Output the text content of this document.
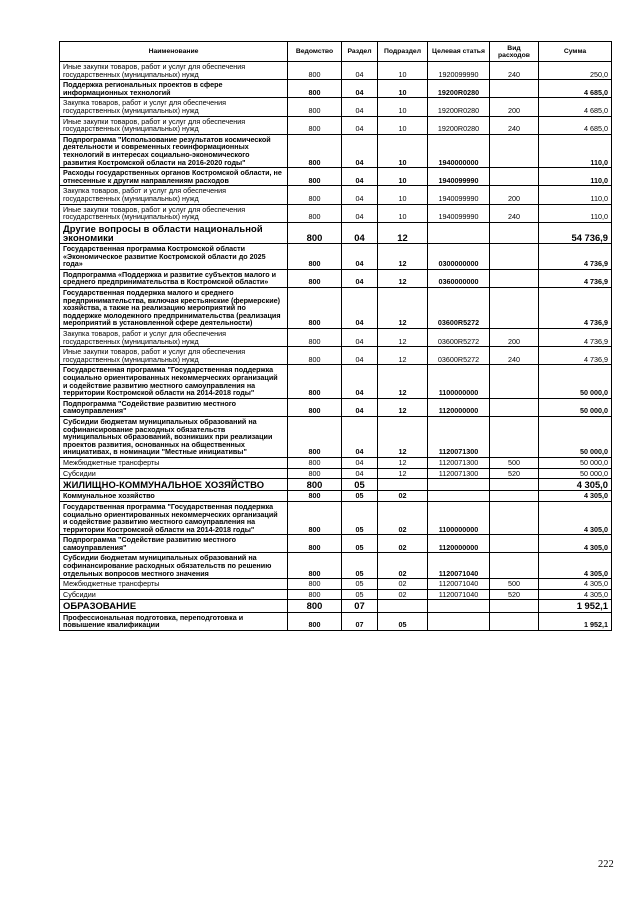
Наименование	Ведомство	Раздел	Подраздел	Целевая статья	Вид расходов	Сумма
Иные закупки товаров, работ и услуг для обеспечения государственных (муниципальных) нужд	800	04	10	1920099990	240	250,0
Поддержка региональных проектов в сфере информационных технологий	800	04	10	19200R0280		4 685,0
Закупка товаров, работ и услуг для обеспечения государственных (муниципальных) нужд	800	04	10	19200R0280	200	4 685,0
Иные закупки товаров, работ и услуг для обеспечения государственных (муниципальных) нужд	800	04	10	19200R0280	240	4 685,0
Подпрограмма "Использование результатов космической деятельности и современных геоинформационных технологий в интересах социально-экономического развития Костромской области на 2016-2020 годы"	800	04	10	1940000000		110,0
Расходы государственных органов Костромской области, не отнесенные к другим направлениям расходов	800	04	10	1940099990		110,0
Закупка товаров, работ и услуг для обеспечения государственных (муниципальных) нужд	800	04	10	1940099990	200	110,0
Иные закупки товаров, работ и услуг для обеспечения государственных (муниципальных) нужд	800	04	10	1940099990	240	110,0
Другие вопросы в области национальной экономики	800	04	12			54 736,9
Государственная программа Костромской области «Экономическое развитие Костромской области до 2025 года»	800	04	12	0300000000		4 736,9
Подпрограмма «Поддержка и развитие субъектов малого и среднего предпринимательства в Костромской области»	800	04	12	0360000000		4 736,9
Государственная поддержка малого и среднего предпринимательства, включая крестьянские (фермерские) хозяйства, а также на реализацию мероприятий по поддержке молодежного предпринимательства (реализация мероприятий в установленной сфере деятельности)	800	04	12	03600R5272		4 736,9
Закупка товаров, работ и услуг для обеспечения государственных (муниципальных) нужд	800	04	12	03600R5272	200	4 736,9
Иные закупки товаров, работ и услуг для обеспечения государственных (муниципальных) нужд	800	04	12	03600R5272	240	4 736,9
Государственная программа "Государственная поддержка социально ориентированных некоммерческих организаций и содействие развитию местного самоуправления на территории Костромской области на 2014-2018 годы"	800	04	12	1100000000		50 000,0
Подпрограмма "Содействие развитию местного самоуправления"	800	04	12	1120000000		50 000,0
Субсидии бюджетам муниципальных образований на софинансирование расходных обязательств муниципальных образований, возникших при реализации проектов развития, основанных на общественных инициативах, в номинации "Местные инициативы"	800	04	12	1120071300		50 000,0
Межбюджетные трансферты	800	04	12	1120071300	500	50 000,0
Субсидии	800	04	12	1120071300	520	50 000,0
ЖИЛИЩНО-КОММУНАЛЬНОЕ ХОЗЯЙСТВО	800	05				4 305,0
Коммунальное хозяйство	800	05	02			4 305,0
Государственная программа "Государственная поддержка социально ориентированных некоммерческих организаций и содействие развитию местного самоуправления на территории Костромской области на 2014-2018 годы"	800	05	02	1100000000		4 305,0
Подпрограмма "Содействие развитию местного самоуправления"	800	05	02	1120000000		4 305,0
Субсидии бюджетам муниципальных образований на софинансирование расходных обязательств по решению отдельных вопросов местного значения	800	05	02	1120071040		4 305,0
Межбюджетные трансферты	800	05	02	1120071040	500	4 305,0
Субсидии	800	05	02	1120071040	520	4 305,0
ОБРАЗОВАНИЕ	800	07				1 952,1
Профессиональная подготовка, переподготовка и повышение квалификации	800	07	05			1 952,1
222
